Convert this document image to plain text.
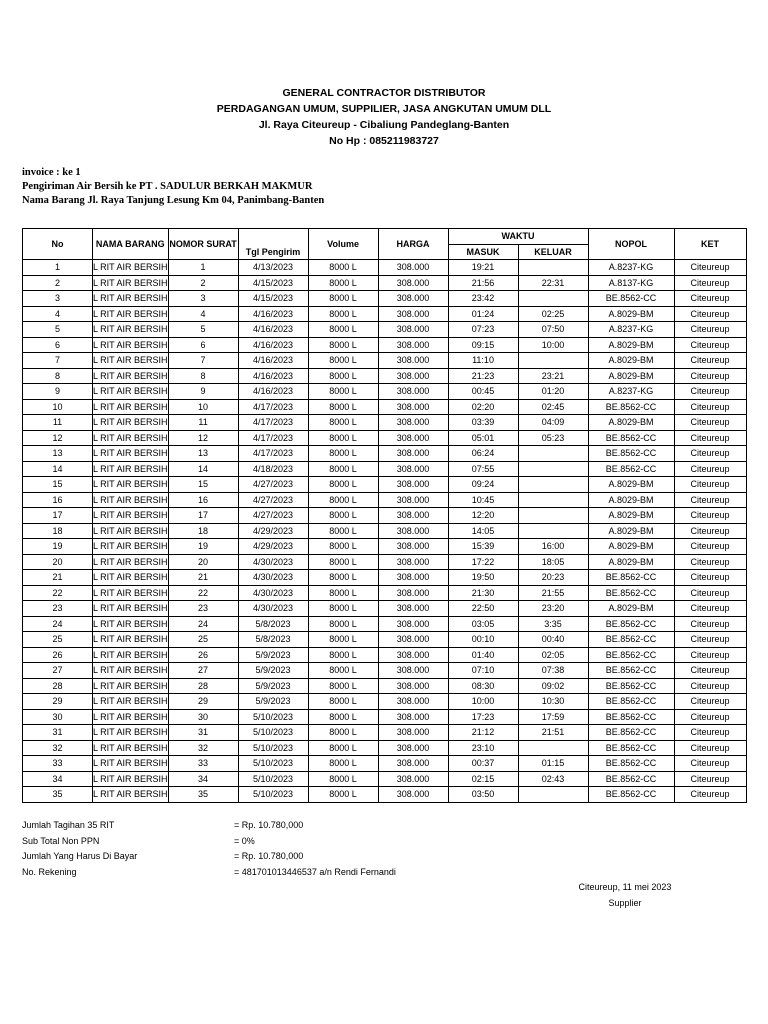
GENERAL CONTRACTOR DISTRIBUTOR
PERDAGANGAN UMUM, SUPPILIER, JASA ANGKUTAN UMUM DLL
Jl. Raya Citeureup - Cibaliung Pandeglang-Banten
No Hp : 085211983727
invoice : ke 1
Pengiriman Air Bersih ke PT . SADULUR BERKAH MAKMUR
Nama Barang Jl. Raya Tanjung Lesung Km 04, Panimbang-Banten
No	NAMA BARANG	NOMOR SURAT	Tgl Pengirim	Volume	HARGA	WAKTU		NOPOL	KET
						MASUK	KELUAR		
1	L RIT AIR BERSIH	1	4/13/2023	8000 L	308.000	19:21		A.8237-KG	Citeureup
2	L RIT AIR BERSIH	2	4/15/2023	8000 L	308.000	21:56	22:31	A.8137-KG	Citeureup
3	L RIT AIR BERSIH	3	4/15/2023	8000 L	308.000	23:42		BE.8562-CC	Citeureup
4	L RIT AIR BERSIH	4	4/16/2023	8000 L	308.000	01:24	02:25	A.8029-BM	Citeureup
5	L RIT AIR BERSIH	5	4/16/2023	8000 L	308.000	07:23	07:50	A.8237-KG	Citeureup
6	L RIT AIR BERSIH	6	4/16/2023	8000 L	308.000	09:15	10:00	A.8029-BM	Citeureup
7	L RIT AIR BERSIH	7	4/16/2023	8000 L	308.000	11:10		A.8029-BM	Citeureup
8	L RIT AIR BERSIH	8	4/16/2023	8000 L	308.000	21:23	23:21	A.8029-BM	Citeureup
9	L RIT AIR BERSIH	9	4/16/2023	8000 L	308.000	00:45	01:20	A.8237-KG	Citeureup
10	L RIT AIR BERSIH	10	4/17/2023	8000 L	308.000	02:20	02:45	BE.8562-CC	Citeureup
11	L RIT AIR BERSIH	11	4/17/2023	8000 L	308.000	03:39	04:09	A.8029-BM	Citeureup
12	L RIT AIR BERSIH	12	4/17/2023	8000 L	308.000	05:01	05:23	BE.8562-CC	Citeureup
13	L RIT AIR BERSIH	13	4/17/2023	8000 L	308.000	06:24		BE.8562-CC	Citeureup
14	L RIT AIR BERSIH	14	4/18/2023	8000 L	308.000	07:55		BE.8562-CC	Citeureup
15	L RIT AIR BERSIH	15	4/27/2023	8000 L	308.000	09:24		A.8029-BM	Citeureup
16	L RIT AIR BERSIH	16	4/27/2023	8000 L	308.000	10:45		A.8029-BM	Citeureup
17	L RIT AIR BERSIH	17	4/27/2023	8000 L	308.000	12:20		A.8029-BM	Citeureup
18	L RIT AIR BERSIH	18	4/29/2023	8000 L	308.000	14:05		A.8029-BM	Citeureup
19	L RIT AIR BERSIH	19	4/29/2023	8000 L	308.000	15:39	16:00	A.8029-BM	Citeureup
20	L RIT AIR BERSIH	20	4/30/2023	8000 L	308.000	17:22	18:05	A.8029-BM	Citeureup
21	L RIT AIR BERSIH	21	4/30/2023	8000 L	308.000	19:50	20:23	BE.8562-CC	Citeureup
22	L RIT AIR BERSIH	22	4/30/2023	8000 L	308.000	21:30	21:55	BE.8562-CC	Citeureup
23	L RIT AIR BERSIH	23	4/30/2023	8000 L	308.000	22:50	23:20	A.8029-BM	Citeureup
24	L RIT AIR BERSIH	24	5/8/2023	8000 L	308.000	03:05	3:35	BE.8562-CC	Citeureup
25	L RIT AIR BERSIH	25	5/8/2023	8000 L	308.000	00:10	00:40	BE.8562-CC	Citeureup
26	L RIT AIR BERSIH	26	5/9/2023	8000 L	308.000	01:40	02:05	BE.8562-CC	Citeureup
27	L RIT AIR BERSIH	27	5/9/2023	8000 L	308.000	07:10	07:38	BE.8562-CC	Citeureup
28	L RIT AIR BERSIH	28	5/9/2023	8000 L	308.000	08:30	09:02	BE.8562-CC	Citeureup
29	L RIT AIR BERSIH	29	5/9/2023	8000 L	308.000	10:00	10:30	BE.8562-CC	Citeureup
30	L RIT AIR BERSIH	30	5/10/2023	8000 L	308.000	17:23	17:59	BE.8562-CC	Citeureup
31	L RIT AIR BERSIH	31	5/10/2023	8000 L	308.000	21:12	21:51	BE.8562-CC	Citeureup
32	L RIT AIR BERSIH	32	5/10/2023	8000 L	308.000	23:10		BE.8562-CC	Citeureup
33	L RIT AIR BERSIH	33	5/10/2023	8000 L	308.000	00:37	01:15	BE.8562-CC	Citeureup
34	L RIT AIR BERSIH	34	5/10/2023	8000 L	308.000	02:15	02:43	BE.8562-CC	Citeureup
35	L RIT AIR BERSIH	35	5/10/2023	8000 L	308.000	03:50		BE.8562-CC	Citeureup
Jumlah Tagihan 35 RIT	= Rp. 10.780,000
Sub Total Non PPN	= 0%
Jumlah Yang Harus Di Bayar	= Rp. 10.780,000
No. Rekening	= 481701013446537 a/n Rendi Fernandi
Citeureup, 11 mei 2023
Supplier
